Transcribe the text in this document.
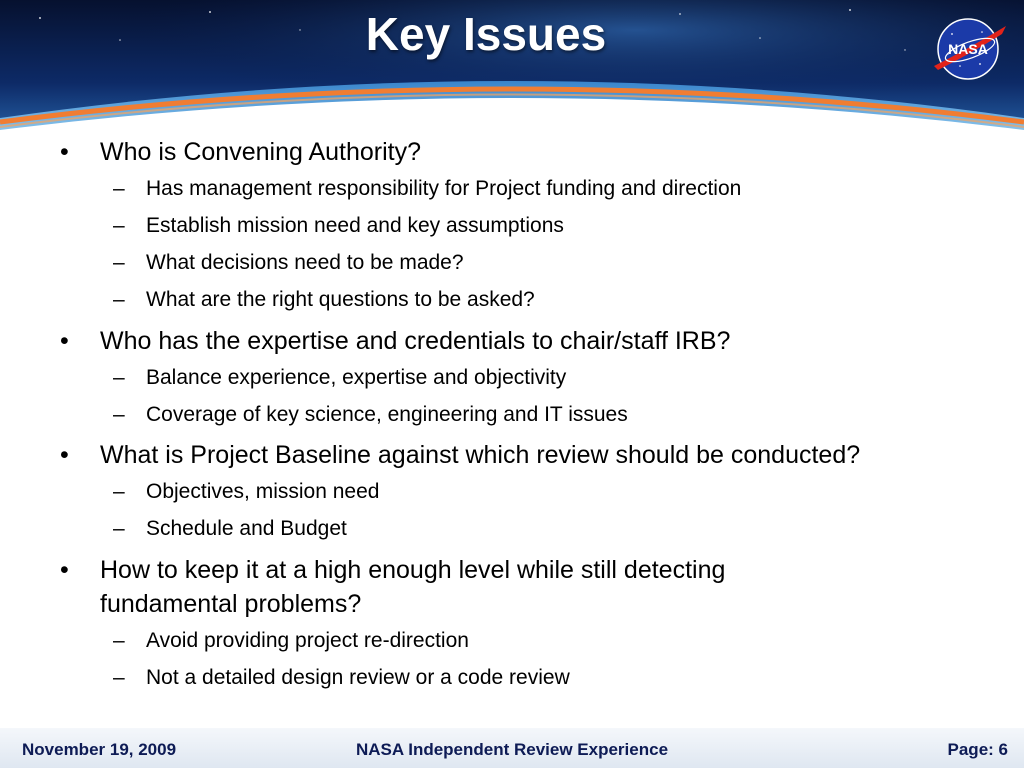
Key Issues	NASA
• Who is Convening Authority?
– Has management responsibility for Project funding and direction
– Establish mission need and key assumptions
– What decisions need to be made?
– What are the right questions to be asked?
• Who has the expertise and credentials to chair/staff IRB?
– Balance experience, expertise and objectivity
– Coverage of key science, engineering and IT issues
• What is Project Baseline against which review should be conducted?
– Objectives, mission need
– Schedule and Budget
• How to keep it at a high enough level while still detecting fundamental problems?
– Avoid providing project re-direction
– Not a detailed design review or a code review
November 19, 2009	NASA Independent Review Experience	Page: 6
